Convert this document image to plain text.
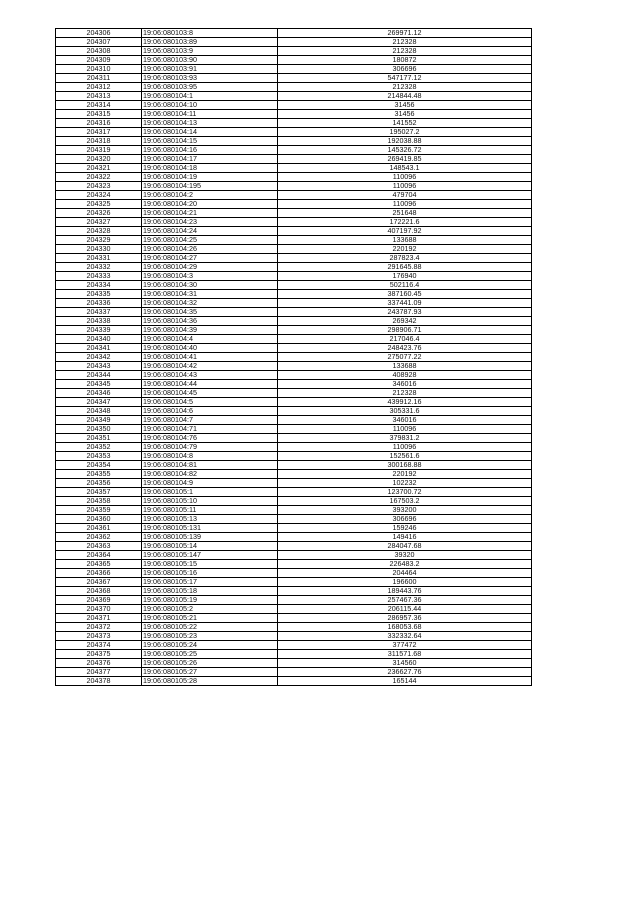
204306	19:06:080103:8	269971.12
204307	19:06:080103:89	212328
204308	19:06:080103:9	212328
204309	19:06:080103:90	180872
204310	19:06:080103:91	306696
204311	19:06:080103:93	547177.12
204312	19:06:080103:95	212328
204313	19:06:080104:1	214844.48
204314	19:06:080104:10	31456
204315	19:06:080104:11	31456
204316	19:06:080104:13	141552
204317	19:06:080104:14	195027.2
204318	19:06:080104:15	192038.88
204319	19:06:080104:16	145326.72
204320	19:06:080104:17	269419.85
204321	19:06:080104:18	148543.1
204322	19:06:080104:19	110096
204323	19:06:080104:195	110096
204324	19:06:080104:2	479704
204325	19:06:080104:20	110096
204326	19:06:080104:21	251648
204327	19:06:080104:23	172221.6
204328	19:06:080104:24	407197.92
204329	19:06:080104:25	133688
204330	19:06:080104:26	220192
204331	19:06:080104:27	287823.4
204332	19:06:080104:29	291645.88
204333	19:06:080104:3	176940
204334	19:06:080104:30	502116.4
204335	19:06:080104:31	387160.45
204336	19:06:080104:32	337441.09
204337	19:06:080104:35	243787.93
204338	19:06:080104:36	269342
204339	19:06:080104:39	298906.71
204340	19:06:080104:4	217046.4
204341	19:06:080104:40	248423.76
204342	19:06:080104:41	275077.22
204343	19:06:080104:42	133688
204344	19:06:080104:43	408928
204345	19:06:080104:44	346016
204346	19:06:080104:45	212328
204347	19:06:080104:5	439912.16
204348	19:06:080104:6	305331.6
204349	19:06:080104:7	346016
204350	19:06:080104:71	110096
204351	19:06:080104:76	379831.2
204352	19:06:080104:79	110096
204353	19:06:080104:8	152561.6
204354	19:06:080104:81	300168.88
204355	19:06:080104:82	220192
204356	19:06:080104:9	102232
204357	19:06:080105:1	123700.72
204358	19:06:080105:10	167503.2
204359	19:06:080105:11	393200
204360	19:06:080105:13	306696
204361	19:06:080105:131	159246
204362	19:06:080105:139	149416
204363	19:06:080105:14	284047.68
204364	19:06:080105:147	39320
204365	19:06:080105:15	226483.2
204366	19:06:080105:16	204464
204367	19:06:080105:17	196600
204368	19:06:080105:18	189443.76
204369	19:06:080105:19	257467.36
204370	19:06:080105:2	206115.44
204371	19:06:080105:21	286957.36
204372	19:06:080105:22	168053.68
204373	19:06:080105:23	332332.64
204374	19:06:080105:24	377472
204375	19:06:080105:25	311571.68
204376	19:06:080105:26	314560
204377	19:06:080105:27	236627.76
204378	19:06:080105:28	165144
